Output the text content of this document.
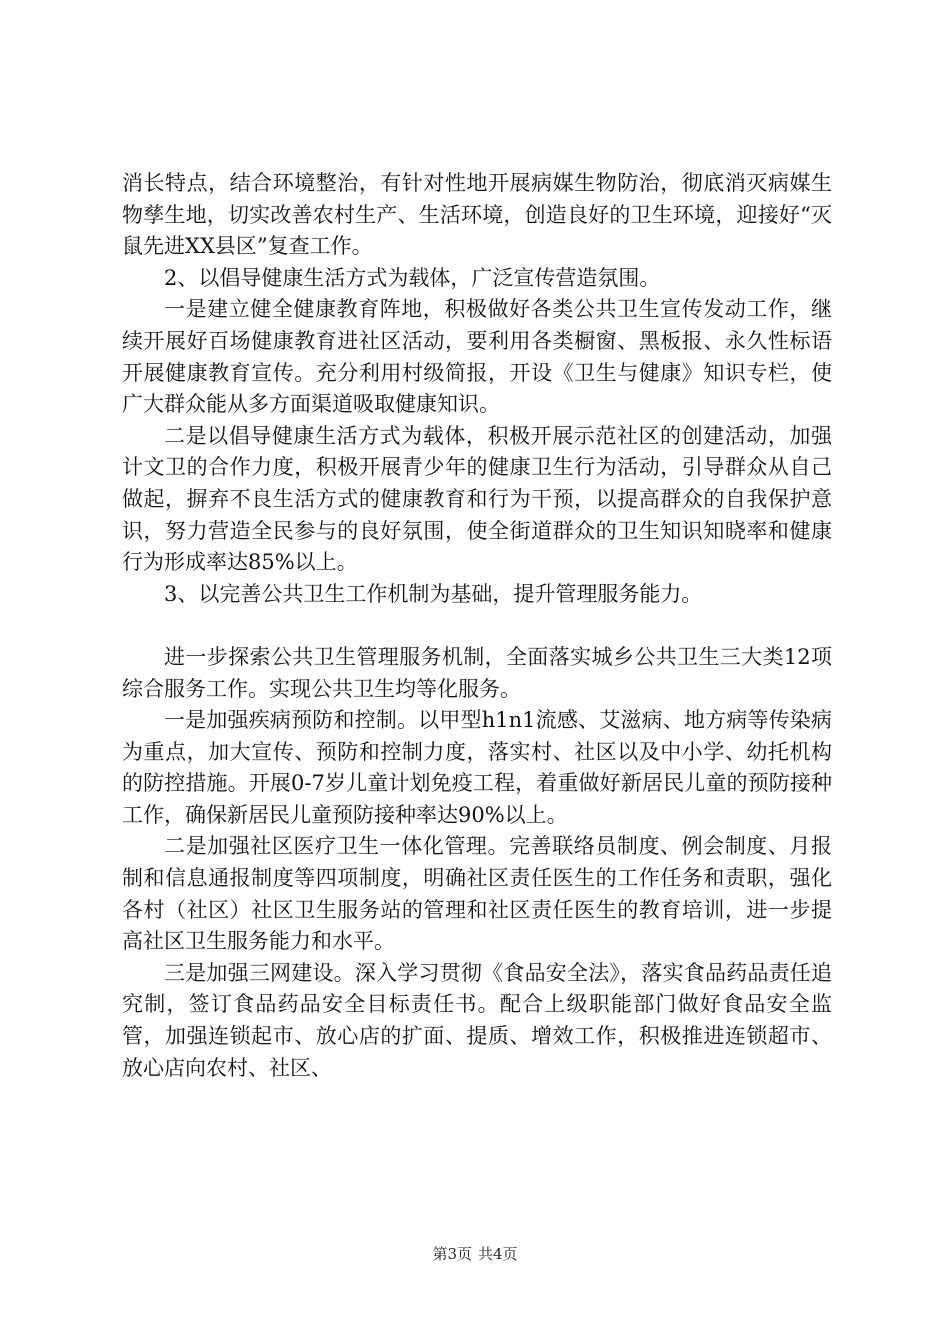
消长特点，结合环境整治，有针对性地开展病媒生物防治，彻底消灭病媒生物孳生地，切实改善农村生产、生活环境，创造良好的卫生环境，迎接好“灭鼠先进XX县区”复查工作。

2、以倡导健康生活方式为载体，广泛宣传营造氛围。

一是建立健全健康教育阵地，积极做好各类公共卫生宣传发动工作，继续开展好百场健康教育进社区活动，要利用各类橱窗、黑板报、永久性标语开展健康教育宣传。充分利用村级简报，开设《卫生与健康》知识专栏，使广大群众能从多方面渠道吸取健康知识。

二是以倡导健康生活方式为载体，积极开展示范社区的创建活动，加强计文卫的合作力度，积极开展青少年的健康卫生行为活动，引导群众从自己做起，摒弃不良生活方式的健康教育和行为干预，以提高群众的自我保护意识，努力营造全民参与的良好氛围，使全街道群众的卫生知识知晓率和健康行为形成率达85%以上。

3、以完善公共卫生工作机制为基础，提升管理服务能力。

进一步探索公共卫生管理服务机制，全面落实城乡公共卫生三大类12项综合服务工作。实现公共卫生均等化服务。

一是加强疾病预防和控制。以甲型h1n1流感、艾滋病、地方病等传染病为重点，加大宣传、预防和控制力度，落实村、社区以及中小学、幼托机构的防控措施。开展0-7岁儿童计划免疫工程，着重做好新居民儿童的预防接种工作，确保新居民儿童预防接种率达90%以上。

二是加强社区医疗卫生一体化管理。完善联络员制度、例会制度、月报制和信息通报制度等四项制度，明确社区责任医生的工作任务和责职，强化各村（社区）社区卫生服务站的管理和社区责任医生的教育培训，进一步提高社区卫生服务能力和水平。

三是加强三网建设。深入学习贯彻《食品安全法》，落实食品药品责任追究制，签订食品药品安全目标责任书。配合上级职能部门做好食品安全监管，加强连锁起市、放心店的扩面、提质、增效工作，积极推进连锁超市、放心店向农村、社区、

第3页 共4页
